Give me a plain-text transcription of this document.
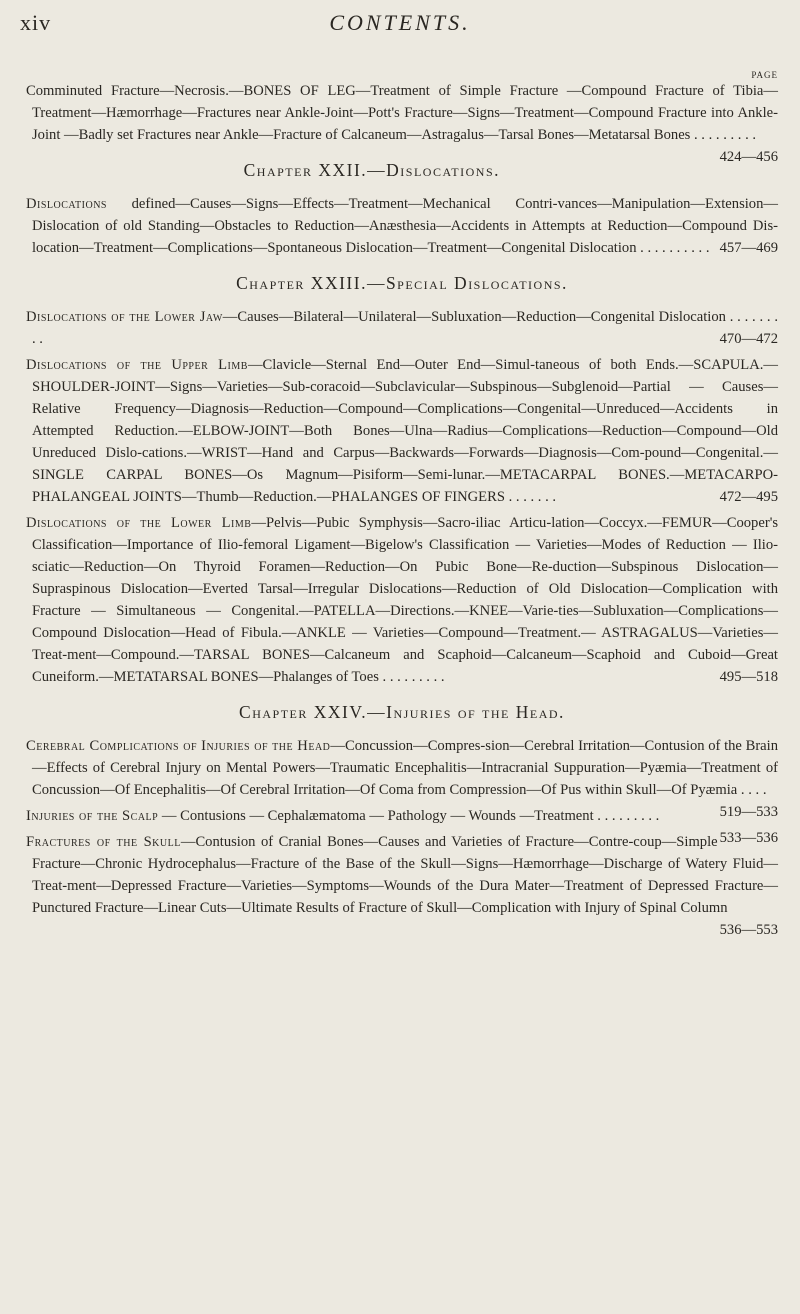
xiv	CONTENTS.
PAGE
Comminuted Fracture—Necrosis.—BONES OF LEG—Treatment of Simple Fracture —Compound Fracture of Tibia—Treatment—Hæmorrhage—Fractures near Ankle-Joint—Pott's Fracture—Signs—Treatment—Compound Fracture into Ankle-Joint —Badly set Fractures near Ankle—Fracture of Calcaneum—Astragalus—Tarsal Bones—Metatarsal Bones . . . . . . . . .
424—456
Chapter XXII.—Dislocations.
Dislocations defined—Causes—Signs—Effects—Treatment—Mechanical Contri-vances—Manipulation—Extension—Dislocation of old Standing—Obstacles to Reduction—Anæsthesia—Accidents in Attempts at Reduction—Compound Dis-location—Treatment—Complications—Spontaneous Dislocation—Treatment—Congenital Dislocation . . . . . . . . . . 457—469
Chapter XXIII.—Special Dislocations.
Dislocations of the Lower Jaw—Causes—Bilateral—Unilateral—Subluxation—Reduction—Congenital Dislocation . . . . . . . . .	470—472
Dislocations of the Upper Limb—Clavicle—Sternal End—Outer End—Simul-taneous of both Ends.—SCAPULA.—SHOULDER-JOINT—Signs—Varieties—Sub-coracoid—Subclavicular—Subspinous—Subglenoid—Partial — Causes—Relative Frequency—Diagnosis—Reduction—Compound—Complications—Congenital—Unreduced—Accidents in Attempted Reduction.—ELBOW-JOINT—Both Bones—Ulna—Radius—Complications—Reduction—Compound—Old Unreduced Dislo-cations.—WRIST—Hand and Carpus—Backwards—Forwards—Diagnosis—Com-pound—Congenital.—SINGLE CARPAL BONES—Os Magnum—Pisiform—Semi-lunar.—METACARPAL BONES.—METACARPO-PHALANGEAL JOINTS—Thumb—Reduction.—PHALANGES OF FINGERS . . . . . . .	472—495
Dislocations of the Lower Limb—Pelvis—Pubic Symphysis—Sacro-iliac Articu-lation—Coccyx.—FEMUR—Cooper's Classification—Importance of Ilio-femoral Ligament—Bigelow's Classification — Varieties—Modes of Reduction — Ilio-sciatic—Reduction—On Thyroid Foramen—Reduction—On Pubic Bone—Re-duction—Subspinous Dislocation—Supraspinous Dislocation—Everted Tarsal—Irregular Dislocations—Reduction of Old Dislocation—Complication with Fracture — Simultaneous — Congenital.—PATELLA—Directions.—KNEE—Varie-ties—Subluxation—Complications—Compound Dislocation—Head of Fibula.—ANKLE — Varieties—Compound—Treatment.— ASTRAGALUS—Varieties—Treat-ment—Compound.—TARSAL BONES—Calcaneum and Scaphoid—Calcaneum—Scaphoid and Cuboid—Great Cuneiform.—METATARSAL BONES—Phalanges of Toes . . . . . . . . .	495—518
Chapter XXIV.—Injuries of the Head.
Cerebral Complications of Injuries of the Head—Concussion—Compres-sion—Cerebral Irritation—Contusion of the Brain—Effects of Cerebral Injury on Mental Powers—Traumatic Encephalitis—Intracranial Suppuration—Pyæmia—Treatment of Concussion—Of Encephalitis—Of Cerebral Irritation—Of Coma from Compression—Of Pus within Skull—Of Pyæmia . . . .
519—533
Injuries of the Scalp — Contusions — Cephalæmatoma — Pathology — Wounds —Treatment . . . . . . . . .
533—536
Fractures of the Skull—Contusion of Cranial Bones—Causes and Varieties of Fracture—Contre-coup—Simple Fracture—Chronic Hydrocephalus—Fracture of the Base of the Skull—Signs—Hæmorrhage—Discharge of Watery Fluid—Treat-ment—Depressed Fracture—Varieties—Symptoms—Wounds of the Dura Mater—Treatment of Depressed Fracture—Punctured Fracture—Linear Cuts—Ultimate Results of Fracture of Skull—Complication with Injury of Spinal Column
536—553
